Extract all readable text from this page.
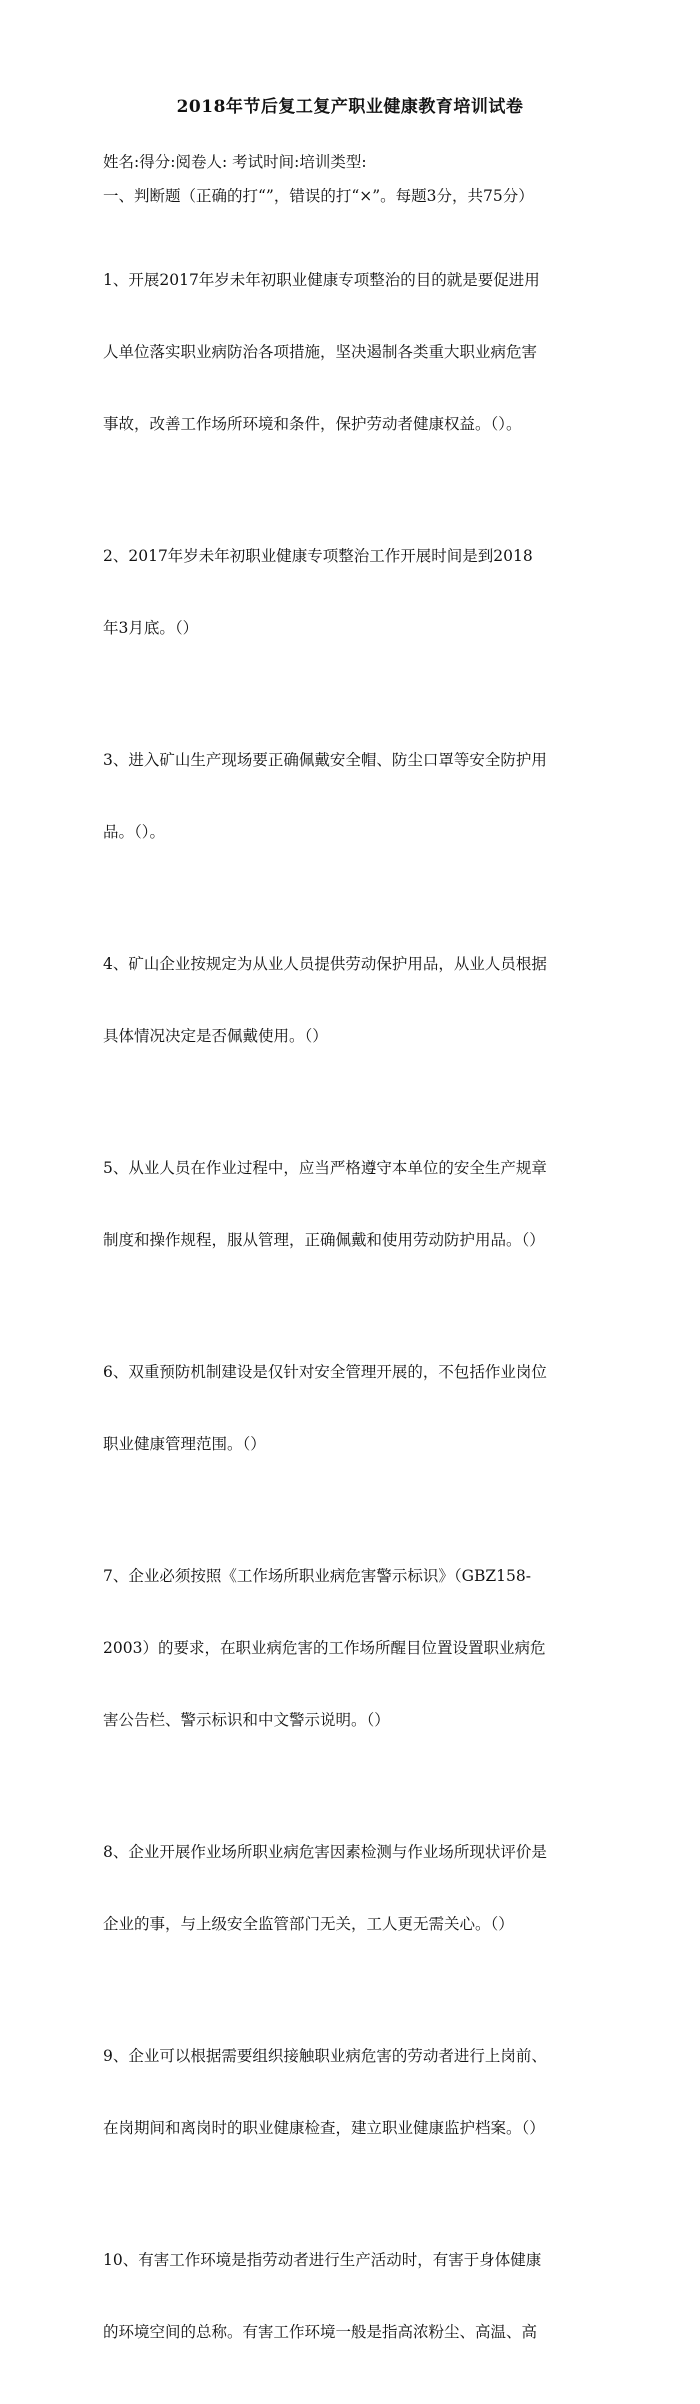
2018年节后复工复产职业健康教育培训试卷

姓名:得分:阅卷人: 考试时间:培训类型:

一、判断题（正确的打“”，错误的打“×”。每题3分，共75分）

1、开展2017年岁未年初职业健康专项整治的目的就是要促进用

人单位落实职业病防治各项措施，坚决遏制各类重大职业病危害

事故，改善工作场所环境和条件，保护劳动者健康权益。（）。

2、2017年岁未年初职业健康专项整治工作开展时间是到2018

年3月底。（）

3、进入矿山生产现场要正确佩戴安全帽、防尘口罩等安全防护用

品。（）。

4、矿山企业按规定为从业人员提供劳动保护用品，从业人员根据

具体情况决定是否佩戴使用。（）

5、从业人员在作业过程中，应当严格遵守本单位的安全生产规章

制度和操作规程，服从管理，正确佩戴和使用劳动防护用品。（）

6、双重预防机制建设是仅针对安全管理开展的，不包括作业岗位

职业健康管理范围。（）

7、企业必须按照《工作场所职业病危害警示标识》（GBZ158-

2003）的要求，在职业病危害的工作场所醒目位置设置职业病危

害公告栏、警示标识和中文警示说明。（）

8、企业开展作业场所职业病危害因素检测与作业场所现状评价是

企业的事，与上级安全监管部门无关，工人更无需关心。（）

9、企业可以根据需要组织接触职业病危害的劳动者进行上岗前、

在岗期间和离岗时的职业健康检查，建立职业健康监护档案。（）

10、有害工作环境是指劳动者进行生产活动时，有害于身体健康

的环境空间的总称。有害工作环境一般是指高浓粉尘、高温、高
